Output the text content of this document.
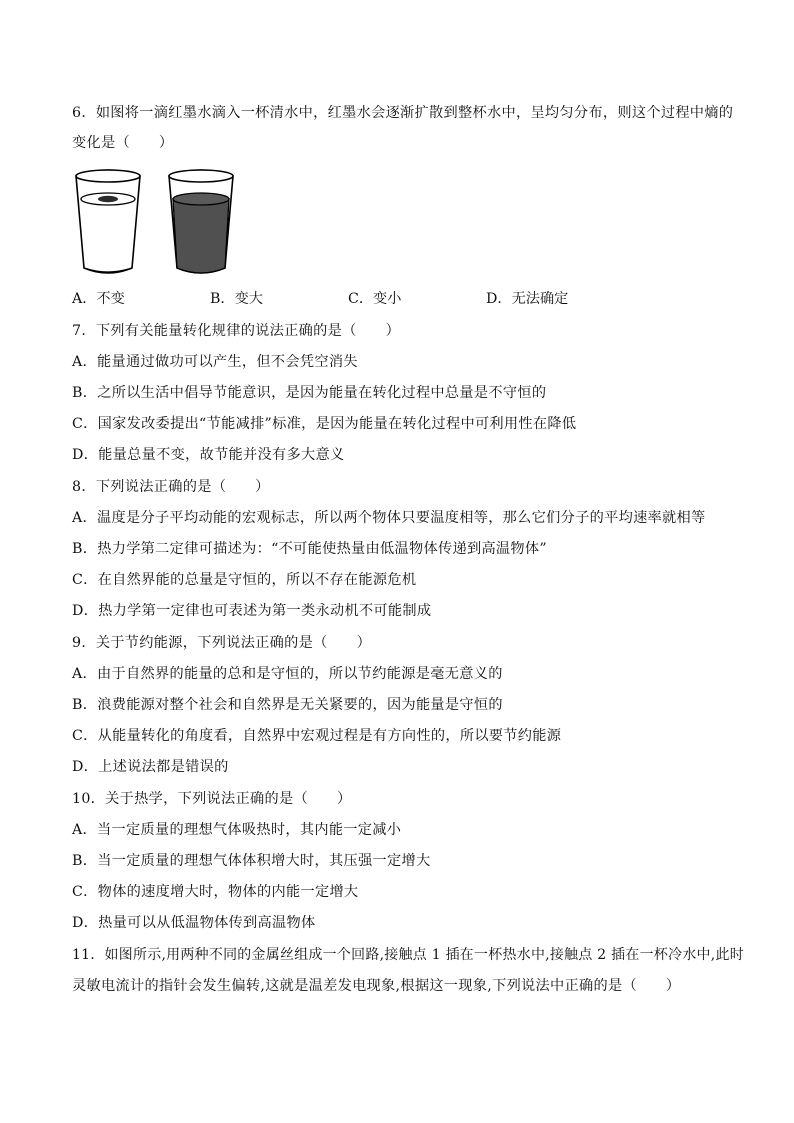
6．如图将一滴红墨水滴入一杯清水中，红墨水会逐渐扩散到整杯水中，呈均匀分布，则这个过程中熵的
变化是（　　）
A．不变	B．变大	C．变小	D．无法确定
7．下列有关能量转化规律的说法正确的是（　　）
A．能量通过做功可以产生，但不会凭空消失
B．之所以生活中倡导节能意识，是因为能量在转化过程中总量是不守恒的
C．国家发改委提出“节能减排”标准，是因为能量在转化过程中可利用性在降低
D．能量总量不变，故节能并没有多大意义
8．下列说法正确的是（　　）
A．温度是分子平均动能的宏观标志，所以两个物体只要温度相等，那么它们分子的平均速率就相等
B．热力学第二定律可描述为：“不可能使热量由低温物体传递到高温物体”
C．在自然界能的总量是守恒的，所以不存在能源危机
D．热力学第一定律也可表述为第一类永动机不可能制成
9．关于节约能源，下列说法正确的是（　　）
A．由于自然界的能量的总和是守恒的，所以节约能源是毫无意义的
B．浪费能源对整个社会和自然界是无关紧要的，因为能量是守恒的
C．从能量转化的角度看，自然界中宏观过程是有方向性的，所以要节约能源
D．上述说法都是错误的
10．关于热学，下列说法正确的是（　　）
A．当一定质量的理想气体吸热时，其内能一定减小
B．当一定质量的理想气体体积增大时，其压强一定增大
C．物体的速度增大时，物体的内能一定增大
D．热量可以从低温物体传到高温物体
11．如图所示,用两种不同的金属丝组成一个回路,接触点 1 插在一杯热水中,接触点 2 插在一杯冷水中,此时
灵敏电流计的指针会发生偏转,这就是温差发电现象,根据这一现象,下列说法中正确的是（　　）
